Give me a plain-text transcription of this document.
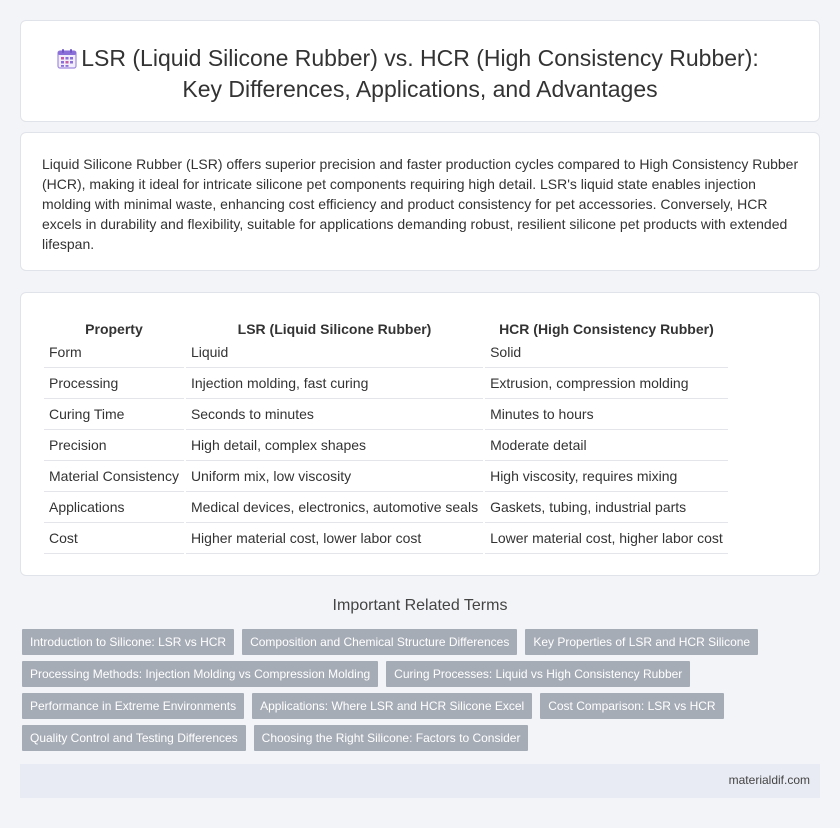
LSR (Liquid Silicone Rubber) vs. HCR (High Consistency Rubber):
Key Differences, Applications, and Advantages

Liquid Silicone Rubber (LSR) offers superior precision and faster production cycles compared to High Consistency Rubber (HCR), making it ideal for intricate silicone pet components requiring high detail. LSR's liquid state enables injection molding with minimal waste, enhancing cost efficiency and product consistency for pet accessories. Conversely, HCR excels in durability and flexibility, suitable for applications demanding robust, resilient silicone pet products with extended lifespan.

Property	LSR (Liquid Silicone Rubber)	HCR (High Consistency Rubber)
Form	Liquid	Solid
Processing	Injection molding, fast curing	Extrusion, compression molding
Curing Time	Seconds to minutes	Minutes to hours
Precision	High detail, complex shapes	Moderate detail
Material Consistency	Uniform mix, low viscosity	High viscosity, requires mixing
Applications	Medical devices, electronics, automotive seals	Gaskets, tubing, industrial parts
Cost	Higher material cost, lower labor cost	Lower material cost, higher labor cost
Important Related Terms
Introduction to Silicone: LSR vs HCR	Composition and Chemical Structure Differences	Key Properties of LSR and HCR Silicone
Processing Methods: Injection Molding vs Compression Molding	Curing Processes: Liquid vs High Consistency Rubber
Performance in Extreme Environments	Applications: Where LSR and HCR Silicone Excel	Cost Comparison: LSR vs HCR
Quality Control and Testing Differences	Choosing the Right Silicone: Factors to Consider
materialdif.com
